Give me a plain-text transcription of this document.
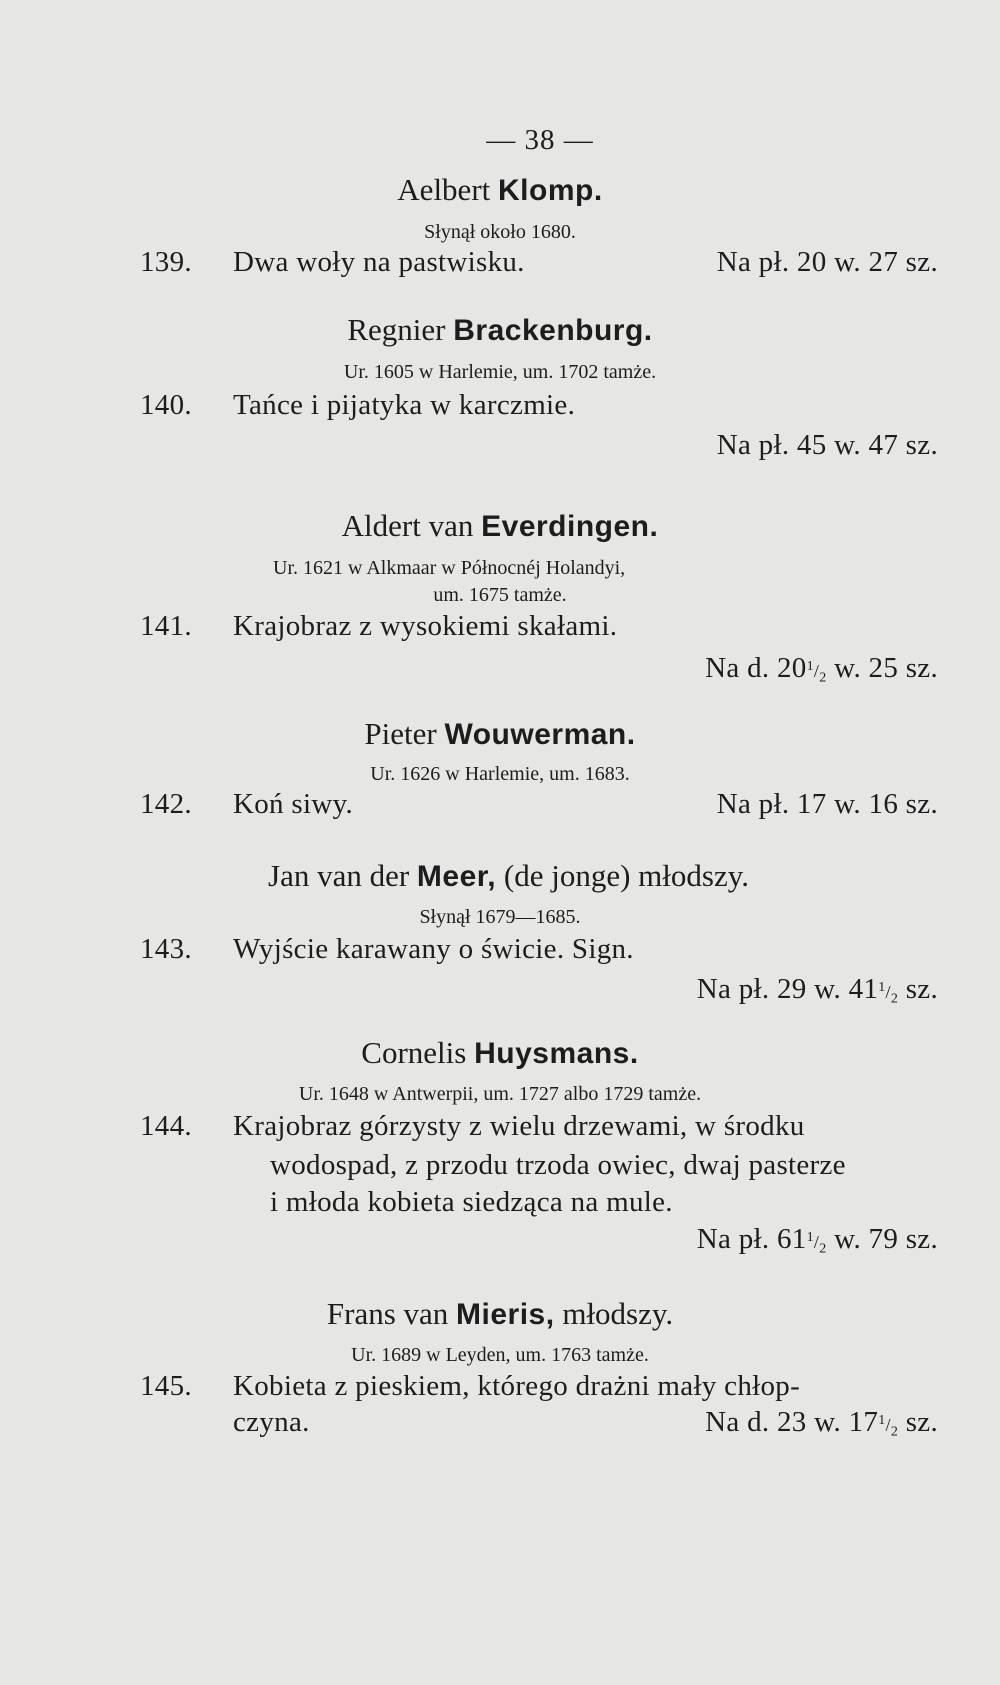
— 38 —
Aelbert Klomp.
Słynął około 1680.
139. Dwa woły na pastwisku.	Na pł. 20 w. 27 sz.
Regnier Brackenburg.
Ur. 1605 w Harlemie, um. 1702 tamże.
140. Tańce i pijatyka w karczmie.
Na pł. 45 w. 47 sz.
Aldert van Everdingen.
Ur. 1621 w Alkmaar w Północnéj Holandyi,
um. 1675 tamże.
141. Krajobraz z wysokiemi skałami.
Na d. $20^1/_2$ w. 25 sz.
Pieter Wouwerman.
Ur. 1626 w Harlemie, um. 1683.
142. Koń siwy.	Na pł. 17 w. 16 sz.
Jan van der Meer, (de jonge) młodszy.
Słynął 1679—1685.
143. Wyjście karawany o świcie. Sign.
Na pł. 29 w. $41^1/_2$ sz.
Cornelis Huysmans.
Ur. 1648 w Antwerpii, um. 1727 albo 1729 tamże.
144. Krajobraz górzysty z wielu drzewami, w środku
wodospad, z przodu trzoda owiec, dwaj pasterze
i młoda kobieta siedząca na mule.
Na pł. $61^1/_2$ w. 79 sz.
Frans van Mieris, młodszy.
Ur. 1689 w Leyden, um. 1763 tamże.
145. Kobieta z pieskiem, którego drażni mały chłop-
czyna.	Na d. 23 w. $17^1/_2$ sz.
